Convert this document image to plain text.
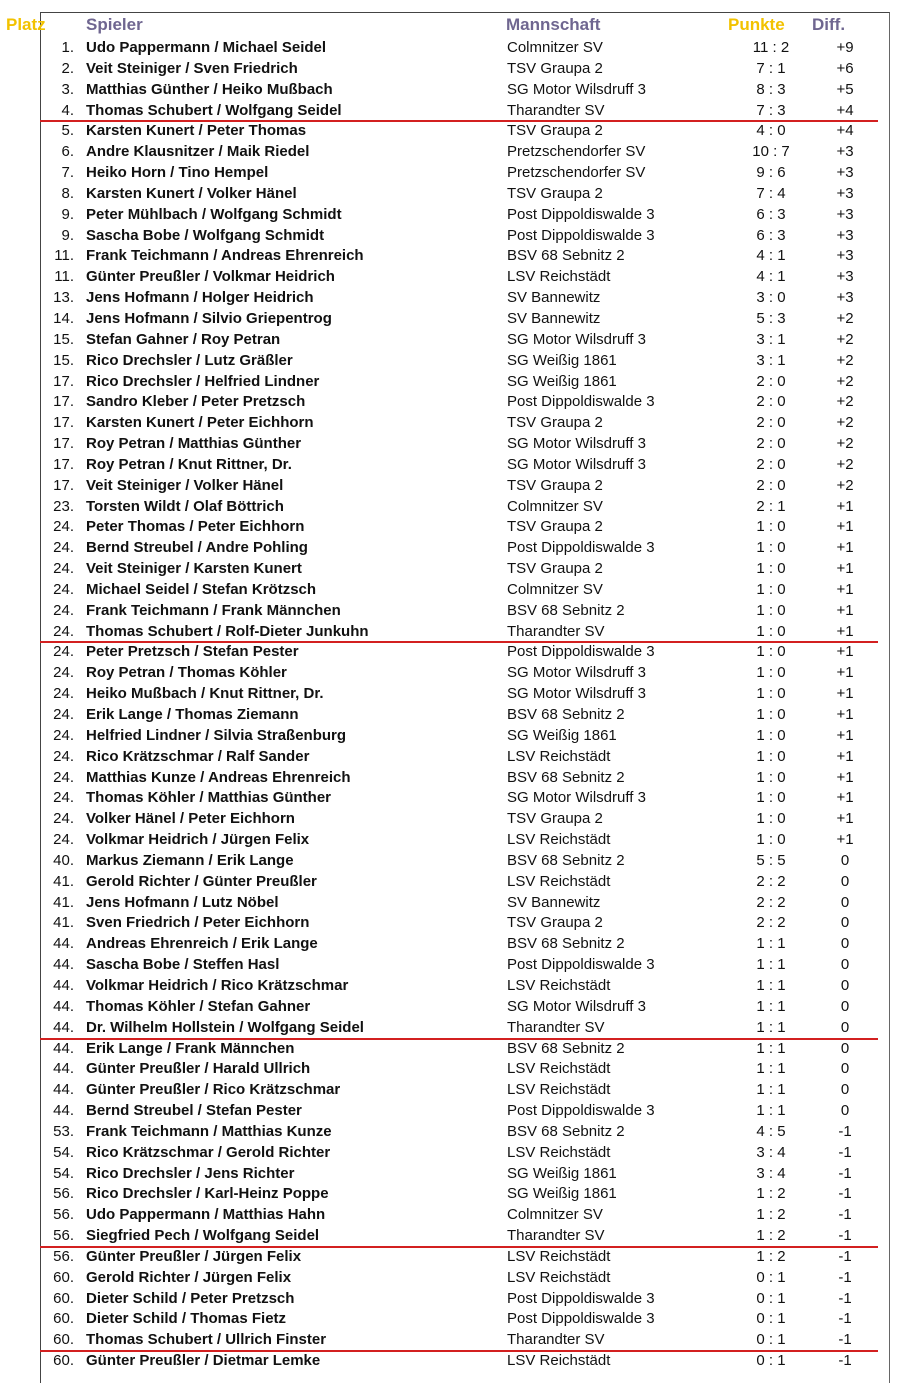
Platz Spieler	Mannschaft	Punkte Diff.
1. Udo Pappermann / Michael Seidel	Colmnitzer SV	11 : 2	+9
2. Veit Steiniger / Sven Friedrich	TSV Graupa 2	7 : 1	+6
3. Matthias Günther / Heiko Mußbach	SG Motor Wilsdruff 3	8 : 3	+5
4. Thomas Schubert / Wolfgang Seidel	Tharandter SV	7 : 3	+4
5. Karsten Kunert / Peter Thomas	TSV Graupa 2	4 : 0	+4
6. Andre Klausnitzer / Maik Riedel	Pretzschendorfer SV	10 : 7	+3
7. Heiko Horn / Tino Hempel	Pretzschendorfer SV	9 : 6	+3
8. Karsten Kunert / Volker Hänel	TSV Graupa 2	7 : 4	+3
9. Peter Mühlbach / Wolfgang Schmidt	Post Dippoldiswalde 3	6 : 3	+3
9. Sascha Bobe / Wolfgang Schmidt	Post Dippoldiswalde 3	6 : 3	+3
11. Frank Teichmann / Andreas Ehrenreich	BSV 68 Sebnitz 2	4 : 1	+3
11. Günter Preußler / Volkmar Heidrich	LSV Reichstädt	4 : 1	+3
13. Jens Hofmann / Holger Heidrich	SV Bannewitz	3 : 0	+3
14. Jens Hofmann / Silvio Griepentrog	SV Bannewitz	5 : 3	+2
15. Stefan Gahner / Roy Petran	SG Motor Wilsdruff 3	3 : 1	+2
15. Rico Drechsler / Lutz Gräßler	SG Weißig 1861	3 : 1	+2
17. Rico Drechsler / Helfried Lindner	SG Weißig 1861	2 : 0	+2
17. Sandro Kleber / Peter Pretzsch	Post Dippoldiswalde 3	2 : 0	+2
17. Karsten Kunert / Peter Eichhorn	TSV Graupa 2	2 : 0	+2
17. Roy Petran / Matthias Günther	SG Motor Wilsdruff 3	2 : 0	+2
17. Roy Petran / Knut Rittner, Dr.	SG Motor Wilsdruff 3	2 : 0	+2
17. Veit Steiniger / Volker Hänel	TSV Graupa 2	2 : 0	+2
23. Torsten Wildt / Olaf Böttrich	Colmnitzer SV	2 : 1	+1
24. Peter Thomas / Peter Eichhorn	TSV Graupa 2	1 : 0	+1
24. Bernd Streubel / Andre Pohling	Post Dippoldiswalde 3	1 : 0	+1
24. Veit Steiniger / Karsten Kunert	TSV Graupa 2	1 : 0	+1
24. Michael Seidel / Stefan Krötzsch	Colmnitzer SV	1 : 0	+1
24. Frank Teichmann / Frank Männchen	BSV 68 Sebnitz 2	1 : 0	+1
24. Thomas Schubert / Rolf-Dieter Junkuhn	Tharandter SV	1 : 0	+1
24. Peter Pretzsch / Stefan Pester	Post Dippoldiswalde 3	1 : 0	+1
24. Roy Petran / Thomas Köhler	SG Motor Wilsdruff 3	1 : 0	+1
24. Heiko Mußbach / Knut Rittner, Dr.	SG Motor Wilsdruff 3	1 : 0	+1
24. Erik Lange / Thomas Ziemann	BSV 68 Sebnitz 2	1 : 0	+1
24. Helfried Lindner / Silvia Straßenburg	SG Weißig 1861	1 : 0	+1
24. Rico Krätzschmar / Ralf Sander	LSV Reichstädt	1 : 0	+1
24. Matthias Kunze / Andreas Ehrenreich	BSV 68 Sebnitz 2	1 : 0	+1
24. Thomas Köhler / Matthias Günther	SG Motor Wilsdruff 3	1 : 0	+1
24. Volker Hänel / Peter Eichhorn	TSV Graupa 2	1 : 0	+1
24. Volkmar Heidrich / Jürgen Felix	LSV Reichstädt	1 : 0	+1
40. Markus Ziemann / Erik Lange	BSV 68 Sebnitz 2	5 : 5	0
41. Gerold Richter / Günter Preußler	LSV Reichstädt	2 : 2	0
41. Jens Hofmann / Lutz Nöbel	SV Bannewitz	2 : 2	0
41. Sven Friedrich / Peter Eichhorn	TSV Graupa 2	2 : 2	0
44. Andreas Ehrenreich / Erik Lange	BSV 68 Sebnitz 2	1 : 1	0
44. Sascha Bobe / Steffen Hasl	Post Dippoldiswalde 3	1 : 1	0
44. Volkmar Heidrich / Rico Krätzschmar	LSV Reichstädt	1 : 1	0
44. Thomas Köhler / Stefan Gahner	SG Motor Wilsdruff 3	1 : 1	0
44. Dr. Wilhelm Hollstein / Wolfgang Seidel	Tharandter SV	1 : 1	0
44. Erik Lange / Frank Männchen	BSV 68 Sebnitz 2	1 : 1	0
44. Günter Preußler / Harald Ullrich	LSV Reichstädt	1 : 1	0
44. Günter Preußler / Rico Krätzschmar	LSV Reichstädt	1 : 1	0
44. Bernd Streubel / Stefan Pester	Post Dippoldiswalde 3	1 : 1	0
53. Frank Teichmann / Matthias Kunze	BSV 68 Sebnitz 2	4 : 5	-1
54. Rico Krätzschmar / Gerold Richter	LSV Reichstädt	3 : 4	-1
54. Rico Drechsler / Jens Richter	SG Weißig 1861	3 : 4	-1
56. Rico Drechsler / Karl-Heinz Poppe	SG Weißig 1861	1 : 2	-1
56. Udo Pappermann / Matthias Hahn	Colmnitzer SV	1 : 2	-1
56. Siegfried Pech / Wolfgang Seidel	Tharandter SV	1 : 2	-1
56. Günter Preußler / Jürgen Felix	LSV Reichstädt	1 : 2	-1
60. Gerold Richter / Jürgen Felix	LSV Reichstädt	0 : 1	-1
60. Dieter Schild / Peter Pretzsch	Post Dippoldiswalde 3	0 : 1	-1
60. Dieter Schild / Thomas Fietz	Post Dippoldiswalde 3	0 : 1	-1
60. Thomas Schubert / Ullrich Finster	Tharandter SV	0 : 1	-1
60. Günter Preußler / Dietmar Lemke	LSV Reichstädt	0 : 1	-1
